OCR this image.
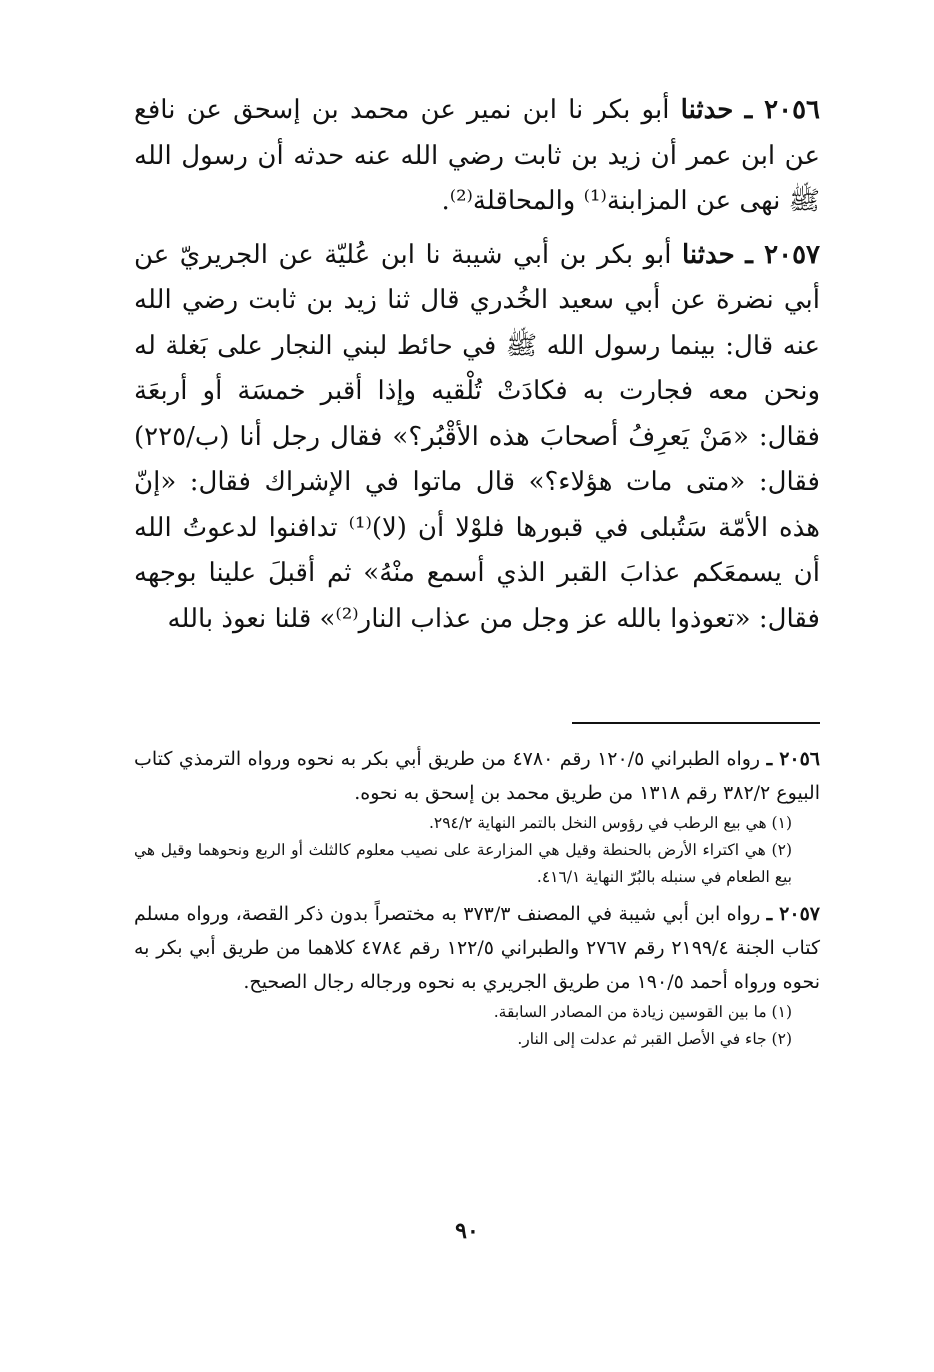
٢٠٥٦ ـ حدثنا أبو بكر نا ابن نمير عن محمد بن إسحق عن نافع عن ابن عمر أن زيد بن ثابت رضي الله عنه حدثه أن رسول الله ﷺ نهى عن المزابنة⁽¹⁾ والمحاقلة⁽²⁾.

٢٠٥٧ ـ حدثنا أبو بكر بن أبي شيبة نا ابن عُليّة عن الجريريّ عن أبي نضرة عن أبي سعيد الخُدري قال ثنا زيد بن ثابت رضي الله عنه قال: بينما رسول الله ﷺ في حائط لبني النجار على بَغلة له ونحن معه فجارت به فكادَتْ تُلْقيه وإذا أقبر خمسَة أو أربعَة فقال: «مَنْ يَعرِفُ أصحابَ هذه الأقْبُر؟» فقال رجل أنا (ب/٢٢٥) فقال: «متى مات هؤلاء؟» قال ماتوا في الإشراك فقال: «إنّ هذه الأمّة سَتُبلى في قبورها فلوْلا أن (لا)⁽¹⁾ تدافنوا لدعوتُ الله أن يسمعَكم عذابَ القبر الذي أسمع منْهُ» ثم أقبلَ علينا بوجهه فقال: «تعوذوا بالله عز وجل من عذاب النار⁽²⁾» قلنا نعوذ بالله

٢٠٥٦ ـ رواه الطبراني ١٢٠/٥ رقم ٤٧٨٠ من طريق أبي بكر به نحوه ورواه الترمذي كتاب البيوع ٣٨٢/٢ رقم ١٣١٨ من طريق محمد بن إسحق به نحوه.

(١) هي بيع الرطب في رؤوس النخل بالتمر النهاية ٢٩٤/٢.

(٢) هي اكتراء الأرض بالحنطة وقيل هي المزارعة على نصيب معلوم كالثلث أو الربع ونحوهما وقيل هي بيع الطعام في سنبله بالبُرّ النهاية ٤١٦/١.

٢٠٥٧ ـ رواه ابن أبي شيبة في المصنف ٣٧٣/٣ به مختصراً بدون ذكر القصة، ورواه مسلم كتاب الجنة ٢١٩٩/٤ رقم ٢٧٦٧ والطبراني ١٢٢/٥ رقم ٤٧٨٤ كلاهما من طريق أبي بكر به نحوه ورواه أحمد ١٩٠/٥ من طريق الجريري به نحوه ورجاله رجال الصحيح.

(١) ما بين القوسين زيادة من المصادر السابقة.

(٢) جاء في الأصل القبر ثم عدلت إلى النار.

٩٠
